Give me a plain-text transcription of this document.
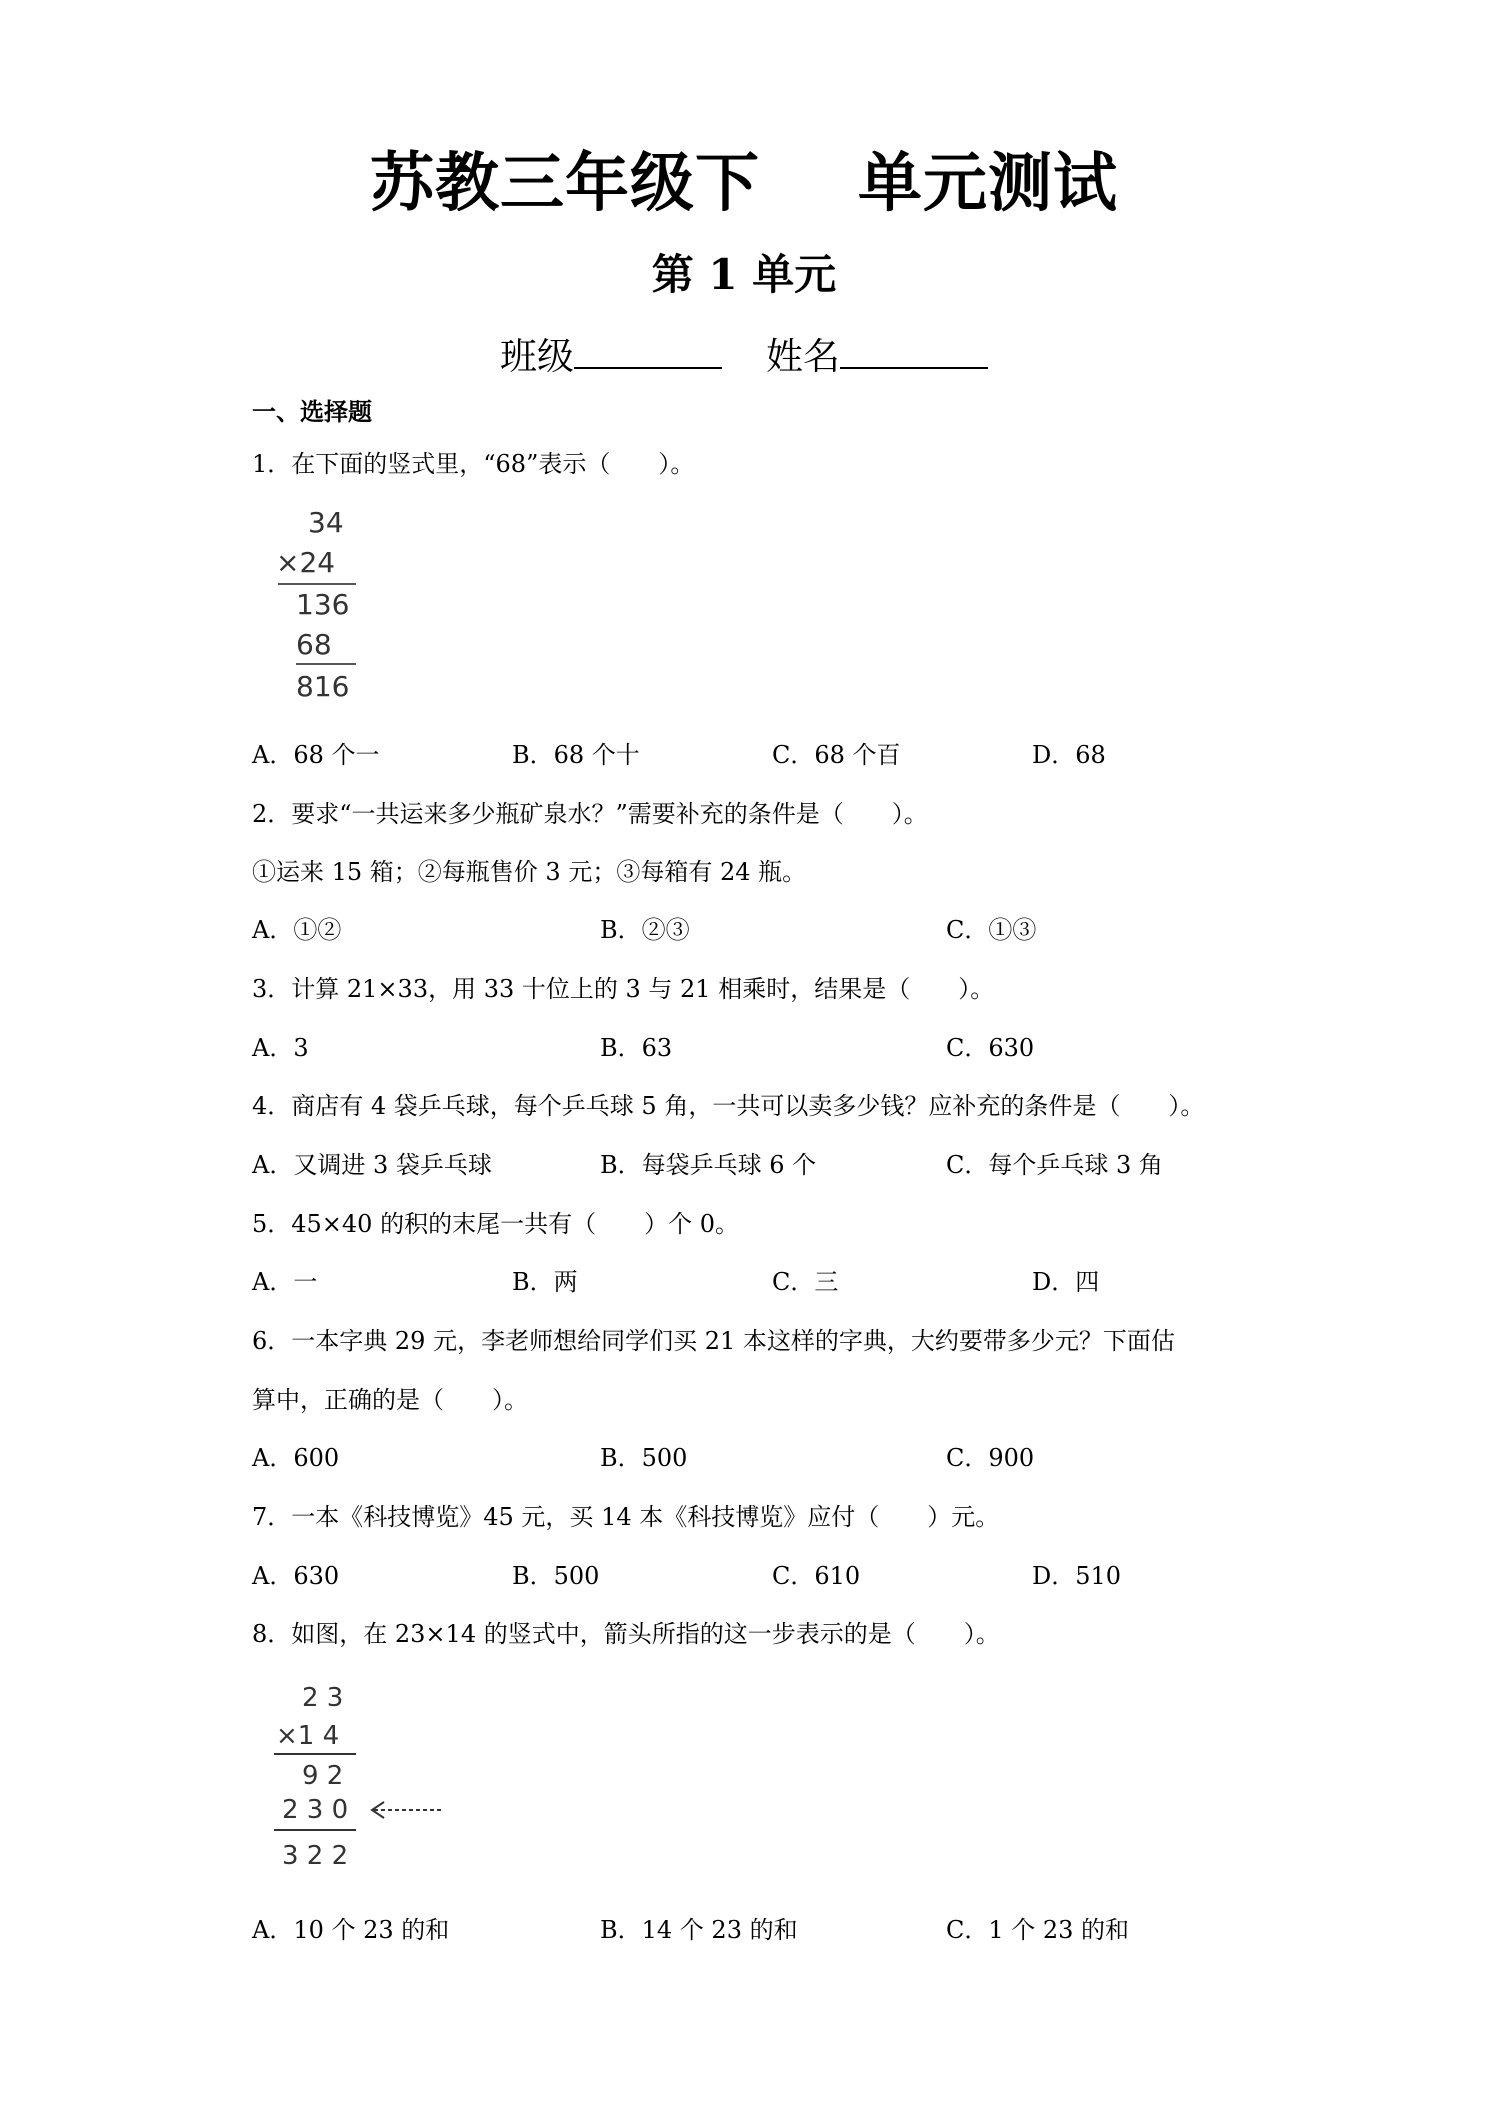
苏教三年级下 单元测试
第 1 单元
班级	姓名
一、选择题
1．在下面的竖式里，“68”表示（　　）。
34
×24
136
68
816
A．68 个一	B．68 个十	C．68 个百	D．68
2．要求“一共运来多少瓶矿泉水？”需要补充的条件是（　　）。
①运来 15 箱；②每瓶售价 3 元；③每箱有 24 瓶。
A．①②	B．②③	C．①③
3．计算 21×33，用 33 十位上的 3 与 21 相乘时，结果是（　　）。
A．3	B．63	C．630
4．商店有 4 袋乒乓球，每个乒乓球 5 角，一共可以卖多少钱？应补充的条件是（　　）。
A．又调进 3 袋乒乓球	B．每袋乒乓球 6 个	C．每个乒乓球 3 角
5．45×40 的积的末尾一共有（　　）个 0。
A．一	B．两	C．三	D．四
6．一本字典 29 元，李老师想给同学们买 21 本这样的字典，大约要带多少元？下面估
算中，正确的是（　　）。
A．600	B．500	C．900
7．一本《科技博览》45 元，买 14 本《科技博览》应付（　　）元。
A．630	B．500	C．610	D．510
8．如图，在 23×14 的竖式中，箭头所指的这一步表示的是（　　）。
2 3
×1 4
9 2
2 3 0
3 2 2
A．10 个 23 的和	B．14 个 23 的和	C．1 个 23 的和
